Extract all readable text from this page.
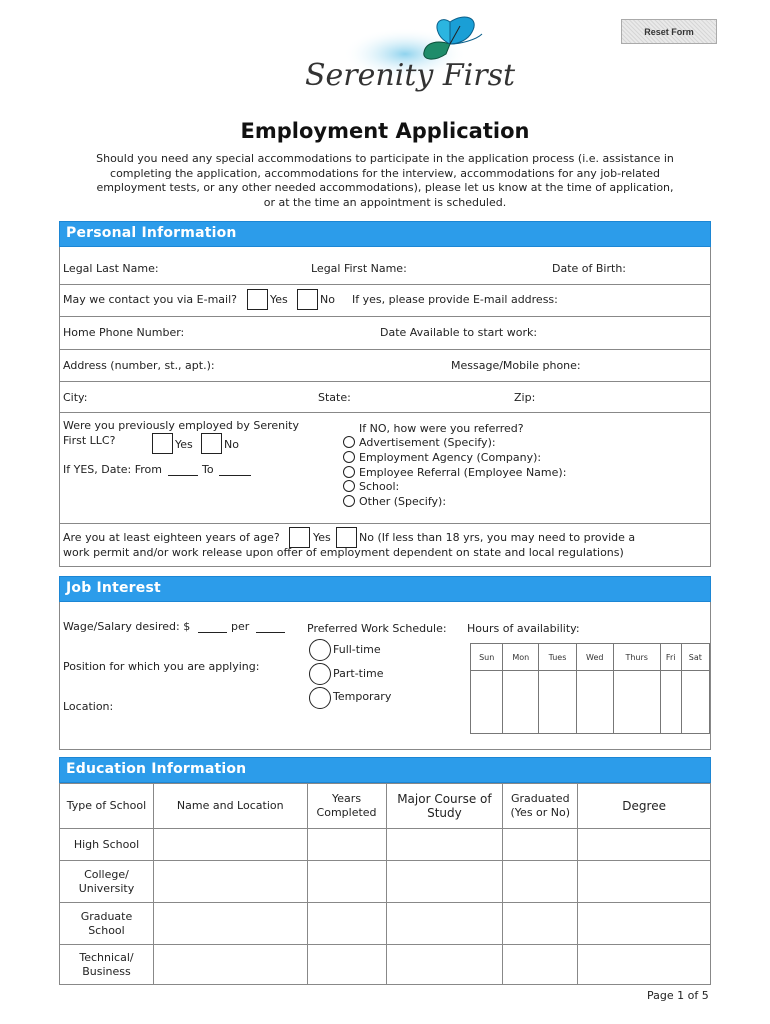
Reset Form
Serenity First
Employment Application
Should you need any special accommodations to participate in the application process (i.e. assistance in completing the application, accommodations for the interview, accommodations for any job-related employment tests, or any other needed accommodations), please let us know at the time of application, or at the time an appointment is scheduled.
Personal Information
Legal Last Name:	Legal First Name:	Date of Birth:
May we contact you via E-mail?	Yes	No If yes, please provide E-mail address:
Home Phone Number:	Date Available to start work:
Address (number, st., apt.):	Message/Mobile phone:
City:	State:	Zip:
Were you previously employed by Serenity
First LLC?	Yes	No
If YES, Date: From	To
If NO, how were you referred?
Advertisement (Specify):
Employment Agency (Company):
Employee Referral (Employee Name):
School:
Other (Specify):
Are you at least eighteen years of age?	Yes	No (If less than 18 yrs, you may need to provide a
work permit and/or work release upon offer of employment dependent on state and local regulations)
Job Interest
Wage/Salary desired: $	per
Position for which you are applying:
Location:
Preferred Work Schedule:
Full-time
Part-time
Temporary
Hours of availability:
Sun	Mon	Tues	Wed	Thurs	Fri	Sat

Education Information
Type of School	Name and Location	Years Completed	Major Course of Study	Graduated (Yes or No)	Degree
High School					
College/ University					
Graduate School					
Technical/ Business					
Page 1 of 5
